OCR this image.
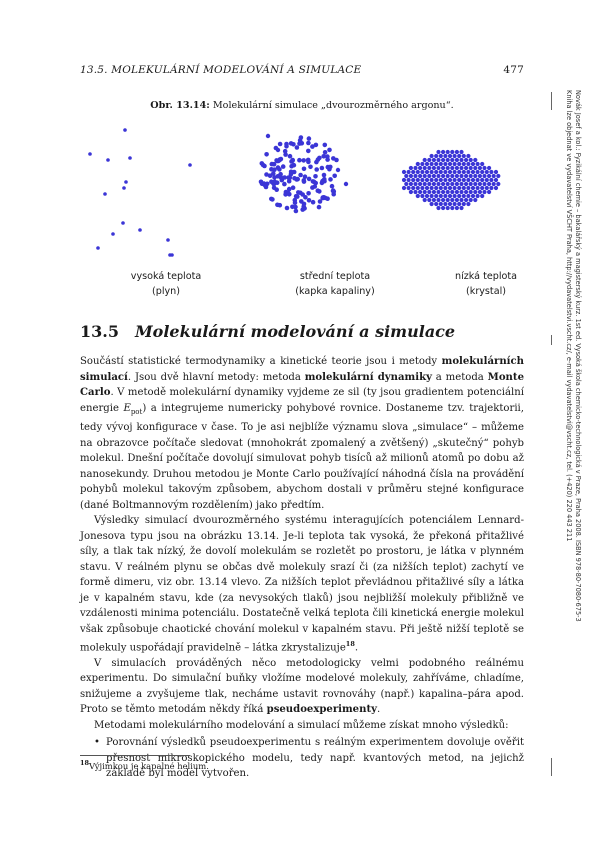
13.5. MOLEKULÁRNÍ MODELOVÁNÍ A SIMULACE	477
Obr. 13.14: Molekulární simulace „dvourozměrného argonu“.
vysoká teplota
(plyn)
střední teplota
(kapka kapaliny)
nízká teplota
(krystal)
13.5 Molekulární modelování a simulace

Součástí statistické termodynamiky a kinetické teorie jsou i metody molekulárních simulací. Jsou dvě hlavní metody: metoda molekulární dynamiky a metoda Monte Carlo. V metodě molekulární dynamiky vyjdeme ze sil (ty jsou gradientem potenciální energie $E_{pot}$) a integrujeme numericky pohybové rovnice. Dostaneme tzv. trajektorii, tedy vývoj konfigurace v čase. To je asi nejblíže významu slova „simulace“ – můžeme na obrazovce počítače sledovat (mnohokrát zpomalený a zvětšený) „skutečný“ pohyb molekul. Dnešní počítače dovolují simulovat pohyb tisíců až milionů atomů po dobu až nanosekundy. Druhou metodou je Monte Carlo používající náhodná čísla na provádění pohybů molekul takovým způsobem, abychom dostali v průměru stejné konfigurace (dané Boltmannovým rozdělením) jako předtím.

Výsledky simulací dvourozměrného systému interagujících potenciálem Lennard-Jonesova typu jsou na obrázku 13.14. Je-li teplota tak vysoká, že překoná přitažlivé síly, a tlak tak nízký, že dovolí molekulám se rozletět po prostoru, je látka v plynném stavu. V reálném plynu se občas dvě molekuly srazí či (za nižších teplot) zachytí ve formě dimeru, viz obr. 13.14 vlevo. Za nižších teplot převládnou přitažlivé síly a látka je v kapalném stavu, kde (za nevysokých tlaků) jsou nejbližší molekuly přibližně ve vzdálenosti minima potenciálu. Dostatečně velká teplota čili kinetická energie molekul však způsobuje chaotické chování molekul v kapalném stavu. Při ještě nižší teplotě se molekuly uspořádají pravidelně – látka zkrystalizuje$^{18}$.

V simulacích prováděných něco metodologicky velmi podobného reálnému experimentu. Do simulační buňky vložíme modelové molekuly, zahříváme, chladíme, snižujeme a zvyšujeme tlak, necháme ustavit rovnováhy (např.) kapalina–pára apod. Proto se těmto metodám někdy říká pseudoexperimenty.

Metodami molekulárního modelování a simulací můžeme získat mnoho výsledků:

• Porovnání výsledků pseudoexperimentu s reálným experimentem dovoluje ověřit přesnost mikroskopického modelu, tedy např. kvantových metod, na jejichž základě byl model vytvořen.
$^{18}$Výjimkou je kapalné helium.
Novák Josef a kol.: Fyzikální chemie – bakalářský a magisterský kurz. 1st ed. Vysoká škola chemicko-technologická v Praze, Praha 2008. ISBN 978-80-7080-675-3
Kniha lze objednat ve vydavatelství VŠCHT Praha, http://vydavatelstvi.vscht.cz/, e-mail vydavatelstvi@vscht.cz, tel. (+420) 220 443 211
